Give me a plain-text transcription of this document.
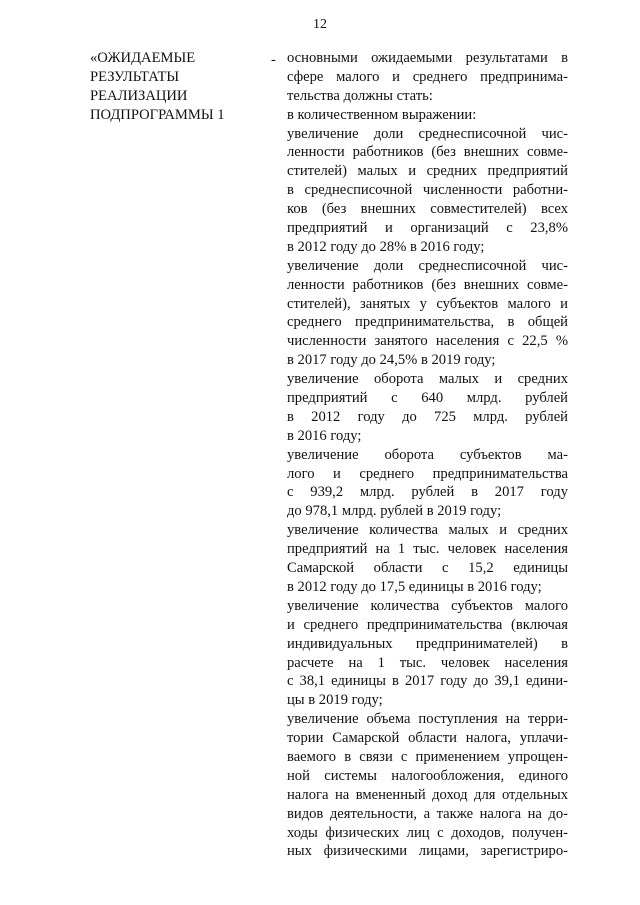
12
«ОЖИДАЕМЫЕ
РЕЗУЛЬТАТЫ
РЕАЛИЗАЦИИ
ПОДПРОГРАММЫ 1
- основными ожидаемыми результатами в
сфере малого и среднего предпринима-
тельства должны стать:
в количественном выражении:
увеличение доли среднесписочной чис-
ленности работников (без внешних совме-
стителей) малых и средних предприятий
в среднесписочной численности работни-
ков (без внешних совместителей) всех
предприятий и организаций с 23,8%
в 2012 году до 28% в 2016 году;
увеличение доли среднесписочной чис-
ленности работников (без внешних совме-
стителей), занятых у субъектов малого и
среднего предпринимательства, в общей
численности занятого населения с 22,5 %
в 2017 году до 24,5% в 2019 году;
увеличение оборота малых и средних
предприятий с 640 млрд. рублей
в 2012 году до 725 млрд. рублей
в 2016 году;
увеличение оборота субъектов ма-
лого и среднего предпринимательства
с 939,2 млрд. рублей в 2017 году
до 978,1 млрд. рублей в 2019 году;
увеличение количества малых и средних
предприятий на 1 тыс. человек населения
Самарской области с 15,2 единицы
в 2012 году до 17,5 единицы в 2016 году;
увеличение количества субъектов малого
и среднего предпринимательства (включая
индивидуальных предпринимателей) в
расчете на 1 тыс. человек населения
с 38,1 единицы в 2017 году до 39,1 едини-
цы в 2019 году;
увеличение объема поступления на терри-
тории Самарской области налога, уплачи-
ваемого в связи с применением упрощен-
ной системы налогообложения, единого
налога на вмененный доход для отдельных
видов деятельности, а также налога на до-
ходы физических лиц с доходов, получен-
ных физическими лицами, зарегистриро-
